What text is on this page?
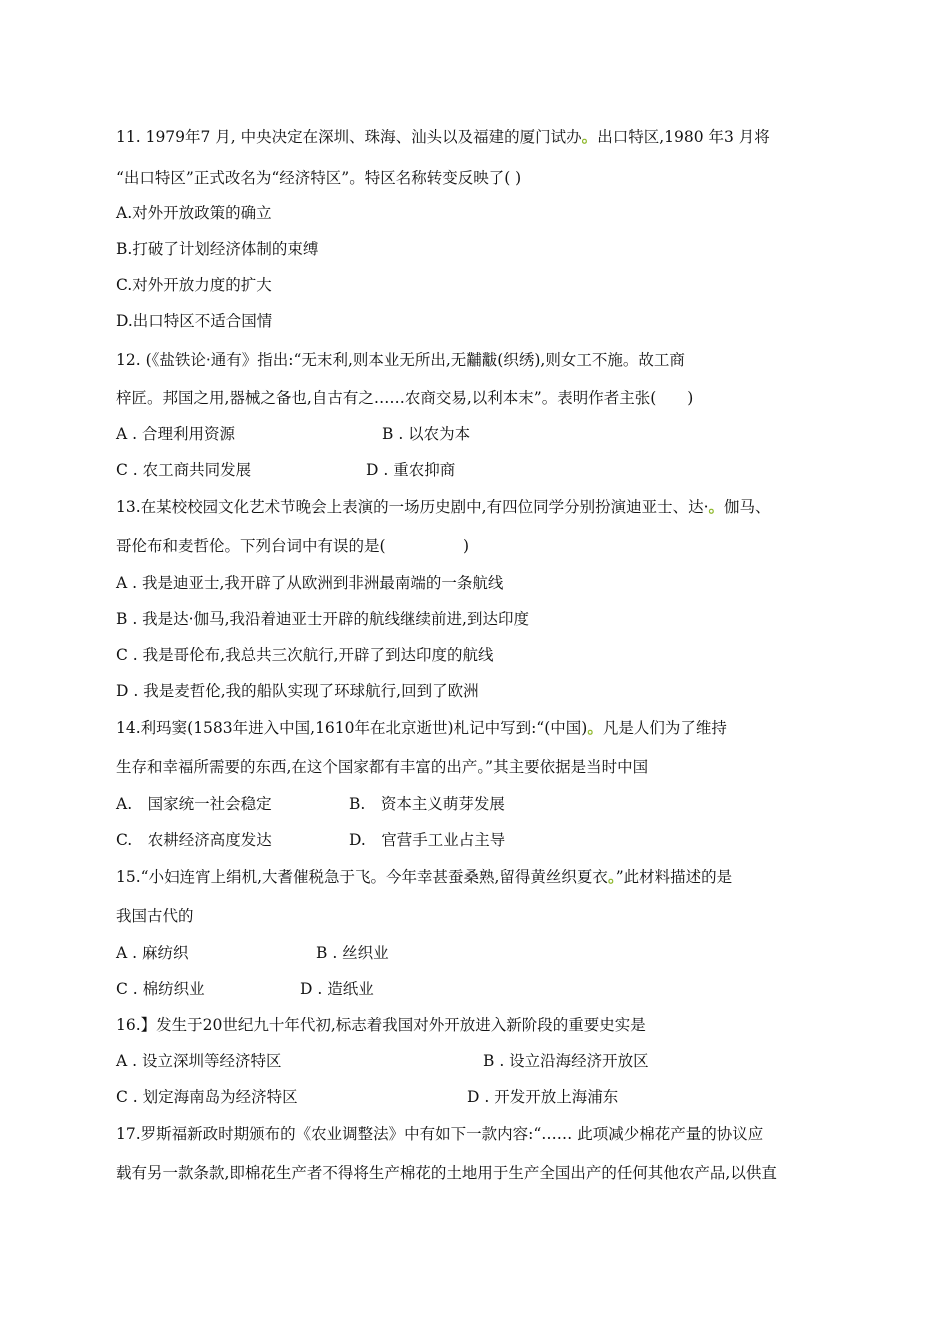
11. 1979年7 月, 中央决定在深圳、珠海、汕头以及福建的厦门试办。出口特区,1980 年3 月将
“出口特区”正式改名为“经济特区”。特区名称转变反映了( )
A.对外开放政策的确立
B.打破了计划经济体制的束缚
C.对外开放力度的扩大
D.出口特区不适合国情
12. (《盐铁论·通有》指出:“无末利,则本业无所出,无黼黻(织绣),则女工不施。故工商
梓匠。邦国之用,器械之备也,自古有之……农商交易,以利本末”。表明作者主张(　　)
A . 合理利用资源	B . 以农为本
C . 农工商共同发展	D . 重农抑商
13.在某校校园文化艺术节晚会上表演的一场历史剧中,有四位同学分别扮演迪亚士、达·。伽马、
哥伦布和麦哲伦。下列台词中有误的是(　　　　　)
A . 我是迪亚士,我开辟了从欧洲到非洲最南端的一条航线
B . 我是达·伽马,我沿着迪亚士开辟的航线继续前进,到达印度
C . 我是哥伦布,我总共三次航行,开辟了到达印度的航线
D . 我是麦哲伦,我的船队实现了环球航行,回到了欧洲
14.利玛窦(1583年进入中国,1610年在北京逝世)札记中写到:“(中国)。凡是人们为了维持
生存和幸福所需要的东西,在这个国家都有丰富的出产。”其主要依据是当时中国
A.　国家统一社会稳定	B.　资本主义萌芽发展
C.　农耕经济高度发达	D.　官营手工业占主导
15.“小妇连宵上绢机,大耆催税急于飞。今年幸甚蚕桑熟,留得黄丝织夏衣。”此材料描述的是
我国古代的
A . 麻纺织	B . 丝织业
C . 棉纺织业	D . 造纸业
16.】发生于20世纪九十年代初,标志着我国对外开放进入新阶段的重要史实是
A . 设立深圳等经济特区	B . 设立沿海经济开放区
C . 划定海南岛为经济特区	D . 开发开放上海浦东
17.罗斯福新政时期颁布的《农业调整法》中有如下一款内容:“…… 此项减少棉花产量的协议应
载有另一款条款,即棉花生产者不得将生产棉花的土地用于生产全国出产的任何其他农产品,以供直
